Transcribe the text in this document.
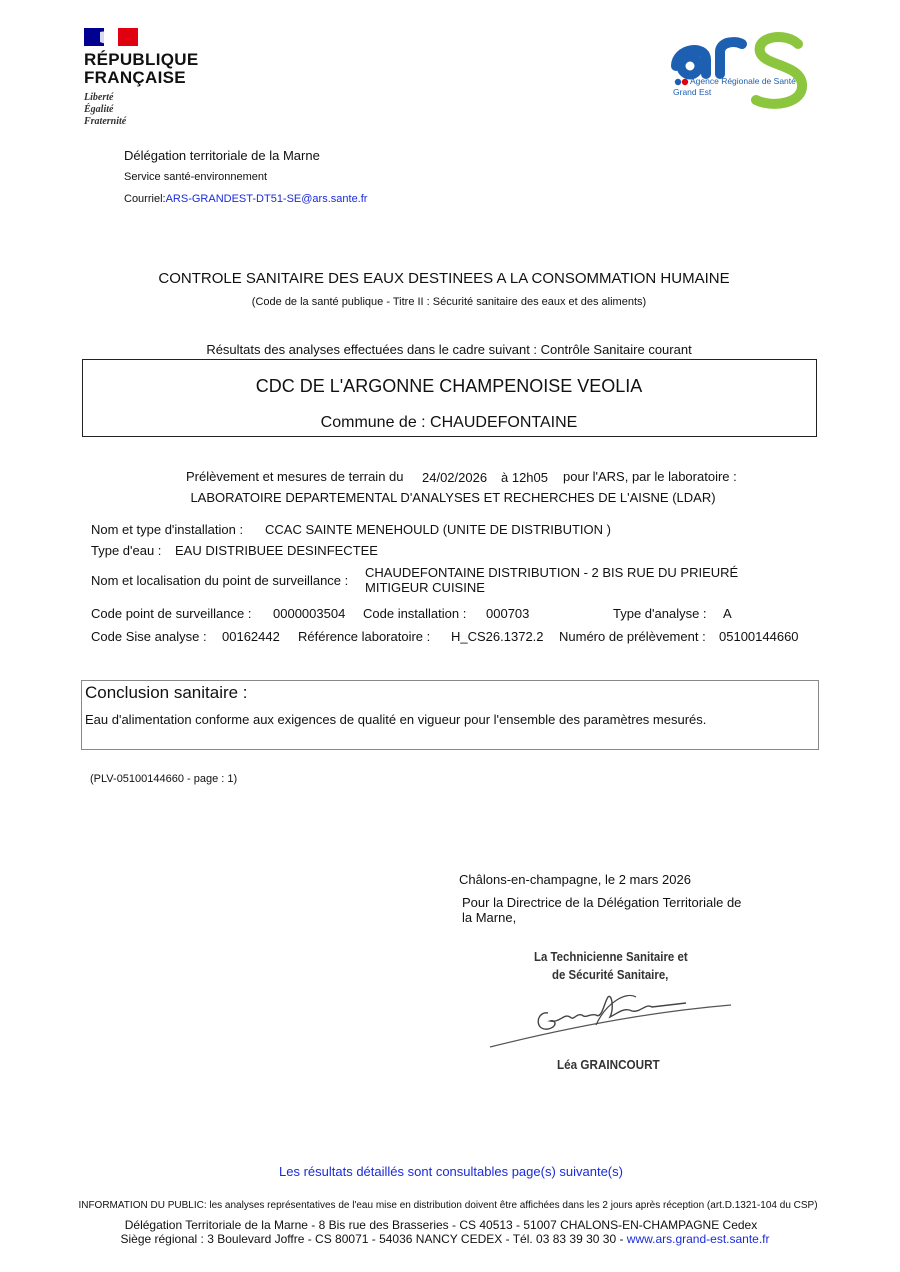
RÉPUBLIQUE
FRANÇAISE
Liberté
Égalité
Fraternité
Agence Régionale de Santé
Grand Est
Délégation territoriale de la Marne
Service santé-environnement
Courriel:ARS-GRANDEST-DT51-SE@ars.sante.fr
CONTROLE SANITAIRE DES EAUX DESTINEES A LA CONSOMMATION HUMAINE
(Code de la santé publique - Titre II : Sécurité sanitaire des eaux et des aliments)
Résultats des analyses effectuées dans le cadre suivant : Contrôle Sanitaire courant
CDC DE L'ARGONNE CHAMPENOISE VEOLIA
Commune de : CHAUDEFONTAINE
Prélèvement et mesures de terrain du 24/02/2026 à 12h05 pour l'ARS, par le laboratoire :
LABORATOIRE DEPARTEMENTAL D'ANALYSES ET RECHERCHES DE L'AISNE (LDAR)
Nom et type d'installation : CCAC SAINTE MENEHOULD (UNITE DE DISTRIBUTION )
Type d'eau : EAU DISTRIBUEE DESINFECTEE
Nom et localisation du point de surveillance :
CHAUDEFONTAINE DISTRIBUTION - 2 BIS RUE DU PRIEURÉ
MITIGEUR CUISINE
Code point de surveillance : 0000003504 Code installation : 000703	Type d'analyse : A
Code Sise analyse : 00162442 Référence laboratoire : H_CS26.1372.2 Numéro de prélèvement : 05100144660
Conclusion sanitaire :
Eau d'alimentation conforme aux exigences de qualité en vigueur pour l'ensemble des paramètres mesurés.
(PLV-05100144660 - page : 1)
Châlons-en-champagne, le 2 mars 2026
Pour la Directrice de la Délégation Territoriale de
la Marne,
La Technicienne Sanitaire et
de Sécurité Sanitaire,
Léa GRAINCOURT
Les résultats détaillés sont consultables page(s) suivante(s)
INFORMATION DU PUBLIC: les analyses représentatives de l'eau mise en distribution doivent être affichées dans les 2 jours après réception (art.D.1321-104 du CSP)
Délégation Territoriale de la Marne - 8 Bis rue des Brasseries - CS 40513 - 51007 CHALONS-EN-CHAMPAGNE Cedex
Siège régional : 3 Boulevard Joffre - CS 80071 - 54036 NANCY CEDEX - Tél. 03 83 39 30 30 - www.ars.grand-est.sante.fr
